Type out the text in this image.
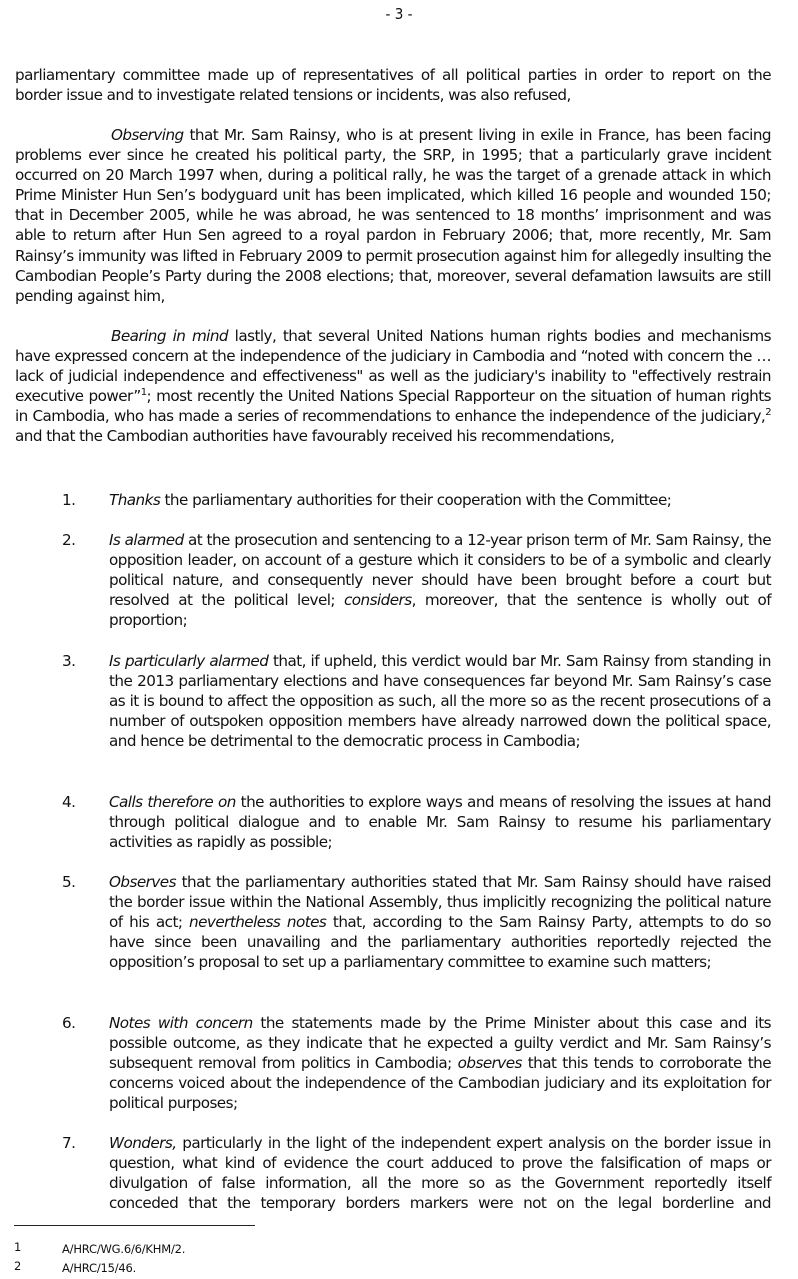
- 3 -
parliamentary committee made up of representatives of all political parties in order to report on the border issue and to investigate related tensions or incidents, was also refused,
Observing that Mr. Sam Rainsy, who is at present living in exile in France, has been facing problems ever since he created his political party, the SRP, in 1995; that a particularly grave incident occurred on 20 March 1997 when, during a political rally, he was the target of a grenade attack in which Prime Minister Hun Sen’s bodyguard unit has been implicated, which killed 16 people and wounded 150; that in December 2005, while he was abroad, he was sentenced to 18 months’ imprisonment and was able to return after Hun Sen agreed to a royal pardon in February 2006; that, more recently, Mr. Sam Rainsy’s immunity was lifted in February 2009 to permit prosecution against him for allegedly insulting the Cambodian People’s Party during the 2008 elections; that, moreover, several defamation lawsuits are still pending against him,
Bearing in mind lastly, that several United Nations human rights bodies and mechanisms have expressed concern at the independence of the judiciary in Cambodia and “noted with concern the … lack of judicial independence and effectiveness" as well as the judiciary's inability to "effectively restrain executive power”$^1$; most recently the United Nations Special Rapporteur on the situation of human rights in Cambodia, who has made a series of recommendations to enhance the independence of the judiciary,$^2$ and that the Cambodian authorities have favourably received his recommendations,
1.	Thanks the parliamentary authorities for their cooperation with the Committee;
2.	Is alarmed at the prosecution and sentencing to a 12-year prison term of Mr. Sam Rainsy, the opposition leader, on account of a gesture which it considers to be of a symbolic and clearly political nature, and consequently never should have been brought before a court but resolved at the political level; considers, moreover, that the sentence is wholly out of proportion;
3.	Is particularly alarmed that, if upheld, this verdict would bar Mr. Sam Rainsy from standing in the 2013 parliamentary elections and have consequences far beyond Mr. Sam Rainsy’s case as it is bound to affect the opposition as such, all the more so as the recent prosecutions of a number of outspoken opposition members have already narrowed down the political space, and hence be detrimental to the democratic process in Cambodia;
4.	Calls therefore on the authorities to explore ways and means of resolving the issues at hand through political dialogue and to enable Mr. Sam Rainsy to resume his parliamentary activities as rapidly as possible;
5.	Observes that the parliamentary authorities stated that Mr. Sam Rainsy should have raised the border issue within the National Assembly, thus implicitly recognizing the political nature of his act; nevertheless notes that, according to the Sam Rainsy Party, attempts to do so have since been unavailing and the parliamentary authorities reportedly rejected the opposition’s proposal to set up a parliamentary committee to examine such matters;
6.	Notes with concern the statements made by the Prime Minister about this case and its possible outcome, as they indicate that he expected a guilty verdict and Mr. Sam Rainsy’s subsequent removal from politics in Cambodia; observes that this tends to corroborate the concerns voiced about the independence of the Cambodian judiciary and its exploitation for political purposes;
7.	Wonders, particularly in the light of the independent expert analysis on the border issue in question, what kind of evidence the court adduced to prove the falsification of maps or divulgation of false information, all the more so as the Government reportedly itself conceded that the temporary borders markers were not on the legal borderline and
1	A/HRC/WG.6/6/KHM/2.
2	A/HRC/15/46.
